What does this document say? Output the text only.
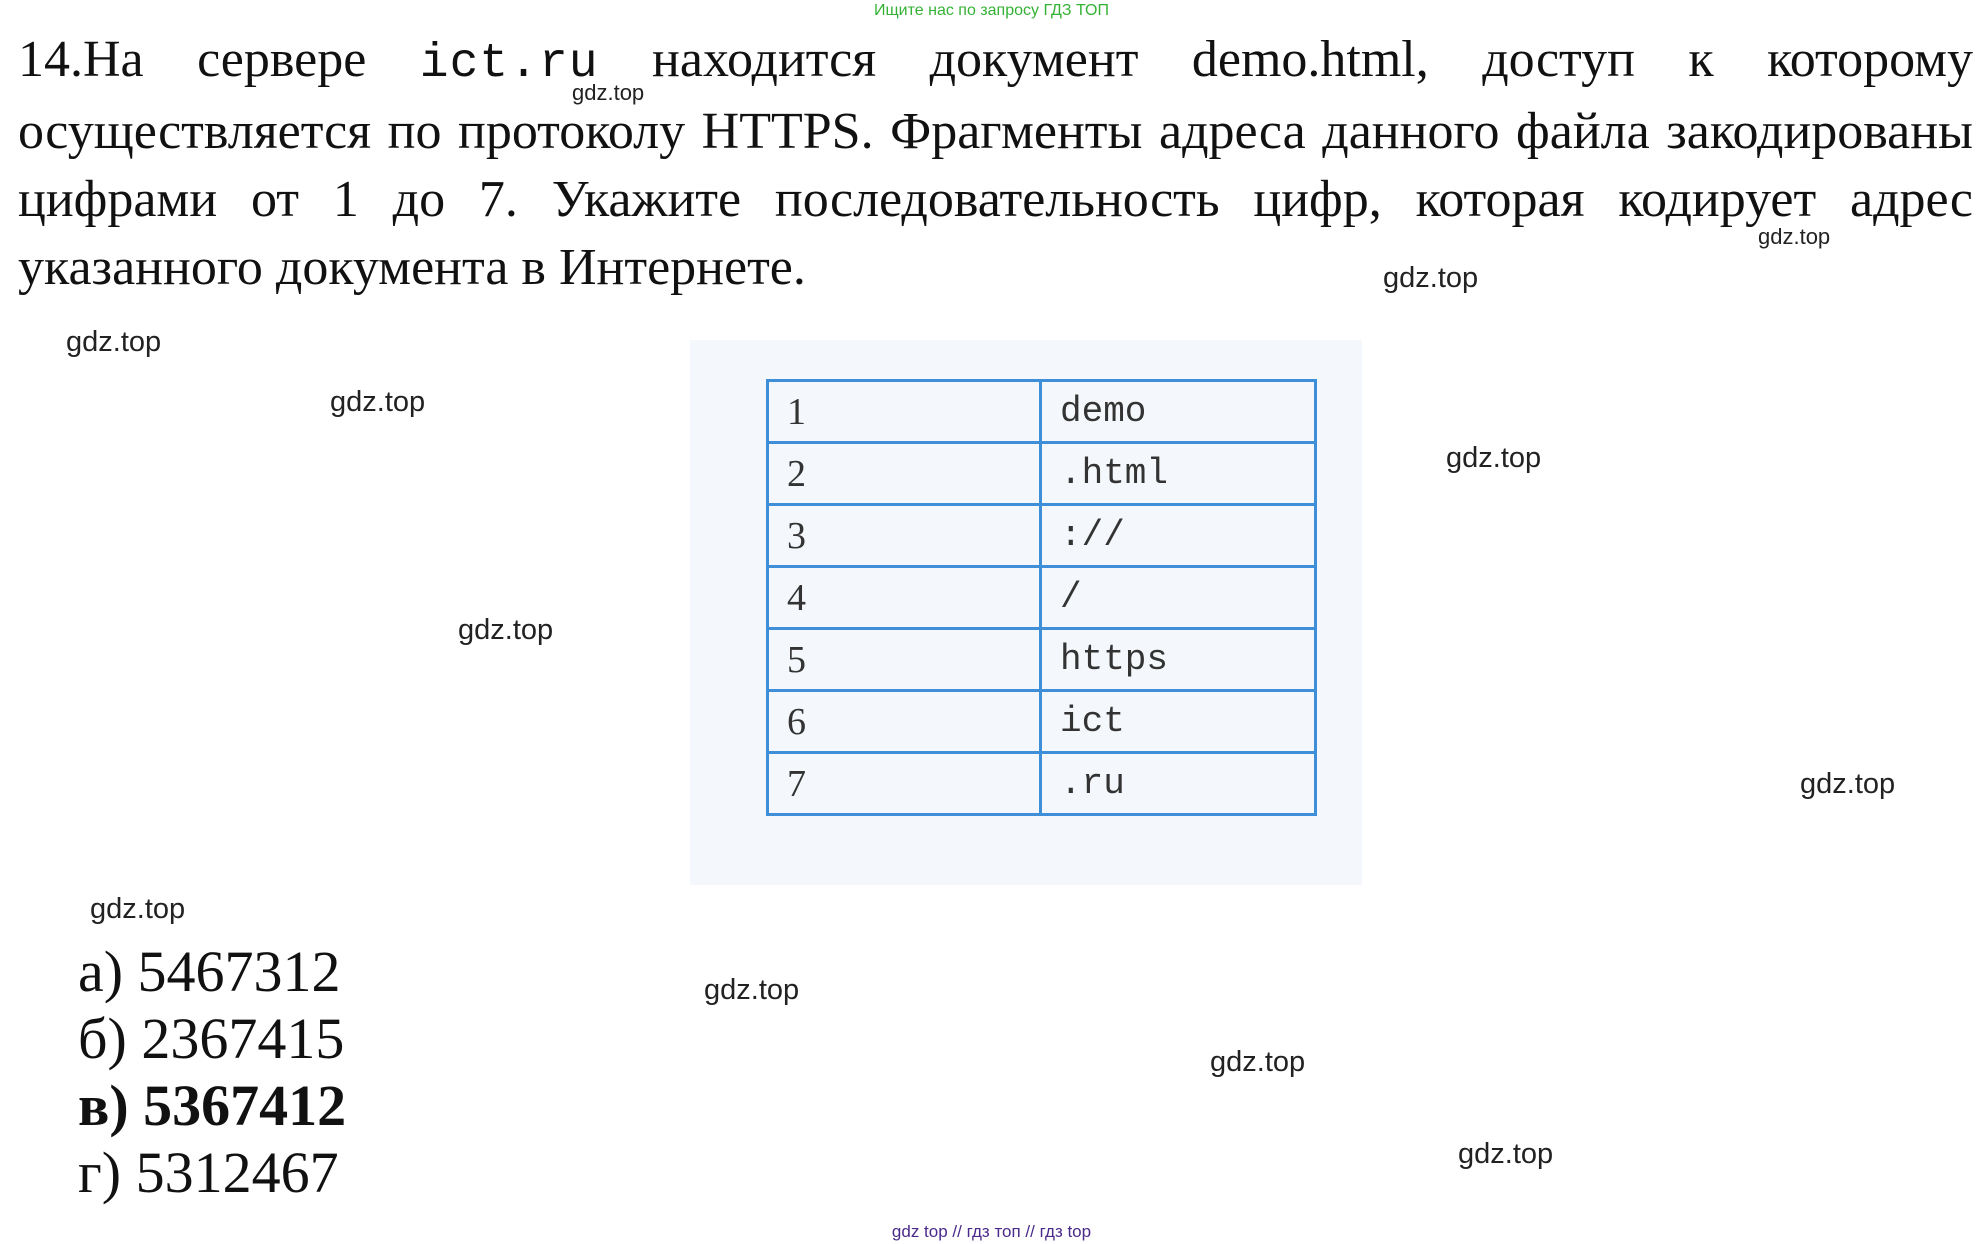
Ищите нас по запросу ГДЗ ТОП
14.На сервере ict.ru находится документ demo.html, доступ к которому осуществляется по протоколу HTTPS. Фрагменты адреса данного файла закодированы цифрами от 1 до 7. Укажите последовательность цифр, которая кодирует адрес указанного документа в Интернете.
1	demo
2	.html
3	://
4	/
5	https
6	ict
7	.ru
а) 5467312
б) 2367415
в) 5367412
г) 5312467
gdz.top
gdz.top
gdz.top
gdz.top
gdz.top
gdz.top
gdz.top
gdz.top
gdz.top
gdz.top
gdz.top
gdz.top
gdz top // гдз топ // гдз top
